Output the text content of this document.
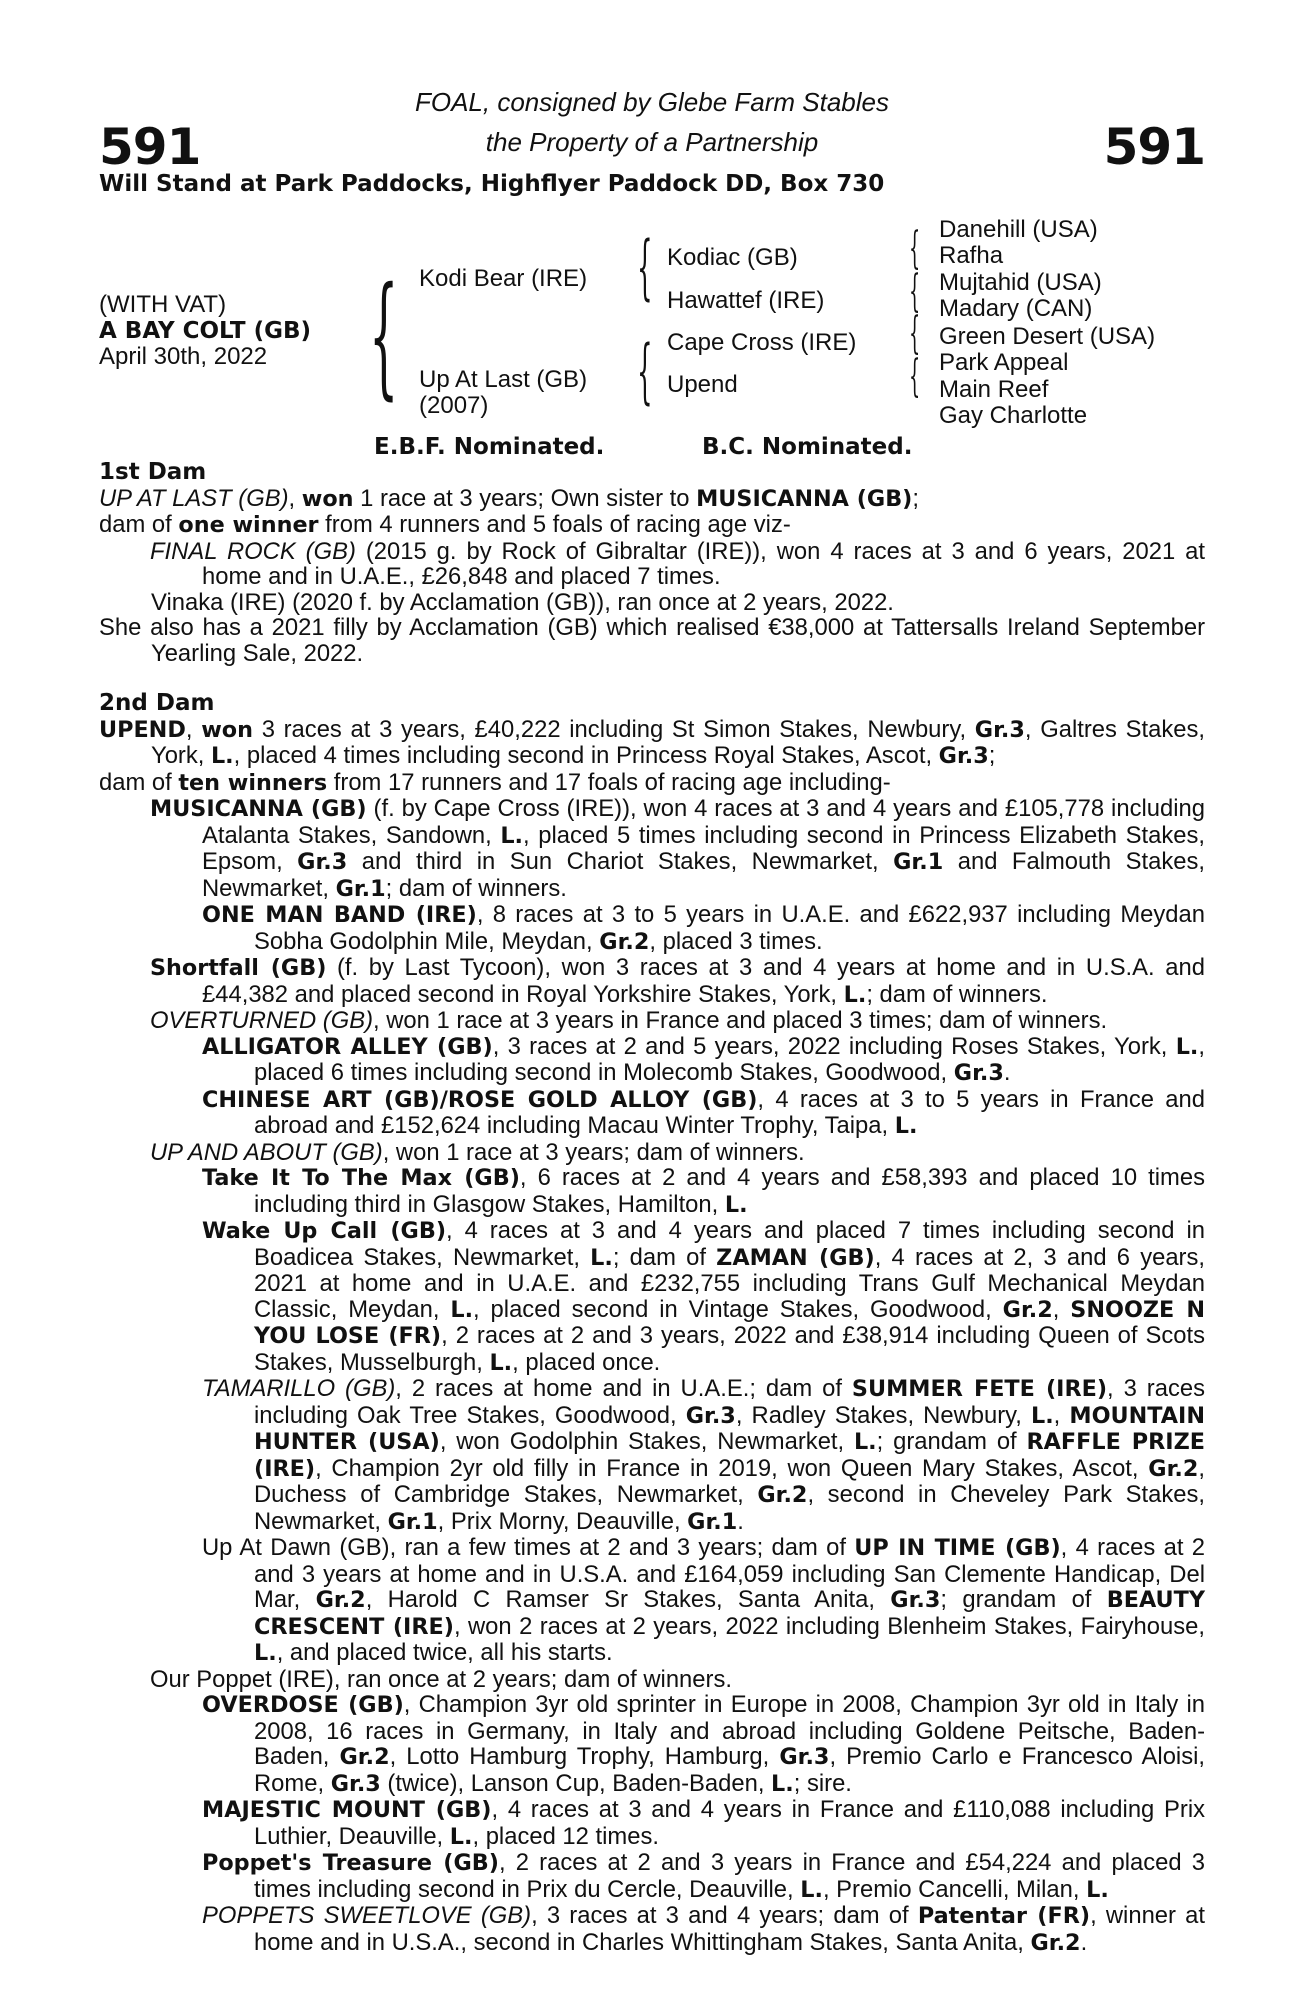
FOAL, consigned by Glebe Farm Stables
the Property of a Partnership
591	591
Will Stand at Park Paddocks, Highflyer Paddock DD, Box 730
(WITH VAT)
A BAY COLT (GB)
April 30th, 2022 { Kodi Bear (IRE)
Up At Last (GB)
(2007)
{
{
Kodiac (GB)
Hawattef (IRE)
Cape Cross (IRE)
Upend
{
{
{
{
Danehill (USA)
Rafha
Mujtahid (USA)
Madary (CAN)
Green Desert (USA)
Park Appeal
Main Reef
Gay Charlotte
E.B.F. Nominated.	B.C. Nominated.
1st Dam

UP AT LAST (GB), won 1 race at 3 years; Own sister to MUSICANNA (GB);

dam of one winner from 4 runners and 5 foals of racing age viz-

FINAL ROCK (GB) (2015 g. by Rock of Gibraltar (IRE)), won 4 races at 3 and 6 years, 2021 at home and in U.A.E., £26,848 and placed 7 times.

Vinaka (IRE) (2020 f. by Acclamation (GB)), ran once at 2 years, 2022.

She also has a 2021 filly by Acclamation (GB) which realised €38,000 at Tattersalls Ireland September Yearling Sale, 2022.

2nd Dam

UPEND, won 3 races at 3 years, £40,222 including St Simon Stakes, Newbury, Gr.3, Galtres Stakes, York, L., placed 4 times including second in Princess Royal Stakes, Ascot, Gr.3;

dam of ten winners from 17 runners and 17 foals of racing age including-

MUSICANNA (GB) (f. by Cape Cross (IRE)), won 4 races at 3 and 4 years and £105,778 including Atalanta Stakes, Sandown, L., placed 5 times including second in Princess Elizabeth Stakes, Epsom, Gr.3 and third in Sun Chariot Stakes, Newmarket, Gr.1 and Falmouth Stakes, Newmarket, Gr.1; dam of winners.

ONE MAN BAND (IRE), 8 races at 3 to 5 years in U.A.E. and £622,937 including Meydan Sobha Godolphin Mile, Meydan, Gr.2, placed 3 times.

Shortfall (GB) (f. by Last Tycoon), won 3 races at 3 and 4 years at home and in U.S.A. and £44,382 and placed second in Royal Yorkshire Stakes, York, L.; dam of winners.

OVERTURNED (GB), won 1 race at 3 years in France and placed 3 times; dam of winners.

ALLIGATOR ALLEY (GB), 3 races at 2 and 5 years, 2022 including Roses Stakes, York, L., placed 6 times including second in Molecomb Stakes, Goodwood, Gr.3.

CHINESE ART (GB)/ROSE GOLD ALLOY (GB), 4 races at 3 to 5 years in France and abroad and £152,624 including Macau Winter Trophy, Taipa, L.

UP AND ABOUT (GB), won 1 race at 3 years; dam of winners.

Take It To The Max (GB), 6 races at 2 and 4 years and £58,393 and placed 10 times including third in Glasgow Stakes, Hamilton, L.

Wake Up Call (GB), 4 races at 3 and 4 years and placed 7 times including second in Boadicea Stakes, Newmarket, L.; dam of ZAMAN (GB), 4 races at 2, 3 and 6 years, 2021 at home and in U.A.E. and £232,755 including Trans Gulf Mechanical Meydan Classic, Meydan, L., placed second in Vintage Stakes, Goodwood, Gr.2, SNOOZE N YOU LOSE (FR), 2 races at 2 and 3 years, 2022 and £38,914 including Queen of Scots Stakes, Musselburgh, L., placed once.

TAMARILLO (GB), 2 races at home and in U.A.E.; dam of SUMMER FETE (IRE), 3 races including Oak Tree Stakes, Goodwood, Gr.3, Radley Stakes, Newbury, L., MOUNTAIN HUNTER (USA), won Godolphin Stakes, Newmarket, L.; grandam of RAFFLE PRIZE (IRE), Champion 2yr old filly in France in 2019, won Queen Mary Stakes, Ascot, Gr.2, Duchess of Cambridge Stakes, Newmarket, Gr.2, second in Cheveley Park Stakes, Newmarket, Gr.1, Prix Morny, Deauville, Gr.1.

Up At Dawn (GB), ran a few times at 2 and 3 years; dam of UP IN TIME (GB), 4 races at 2 and 3 years at home and in U.S.A. and £164,059 including San Clemente Handicap, Del Mar, Gr.2, Harold C Ramser Sr Stakes, Santa Anita, Gr.3; grandam of BEAUTY CRESCENT (IRE), won 2 races at 2 years, 2022 including Blenheim Stakes, Fairyhouse, L., and placed twice, all his starts.

Our Poppet (IRE), ran once at 2 years; dam of winners.

OVERDOSE (GB), Champion 3yr old sprinter in Europe in 2008, Champion 3yr old in Italy in 2008, 16 races in Germany, in Italy and abroad including Goldene Peitsche, Baden-Baden, Gr.2, Lotto Hamburg Trophy, Hamburg, Gr.3, Premio Carlo e Francesco Aloisi, Rome, Gr.3 (twice), Lanson Cup, Baden-Baden, L.; sire.

MAJESTIC MOUNT (GB), 4 races at 3 and 4 years in France and £110,088 including Prix Luthier, Deauville, L., placed 12 times.

Poppet's Treasure (GB), 2 races at 2 and 3 years in France and £54,224 and placed 3 times including second in Prix du Cercle, Deauville, L., Premio Cancelli, Milan, L.

POPPETS SWEETLOVE (GB), 3 races at 3 and 4 years; dam of Patentar (FR), winner at home and in U.S.A., second in Charles Whittingham Stakes, Santa Anita, Gr.2.
